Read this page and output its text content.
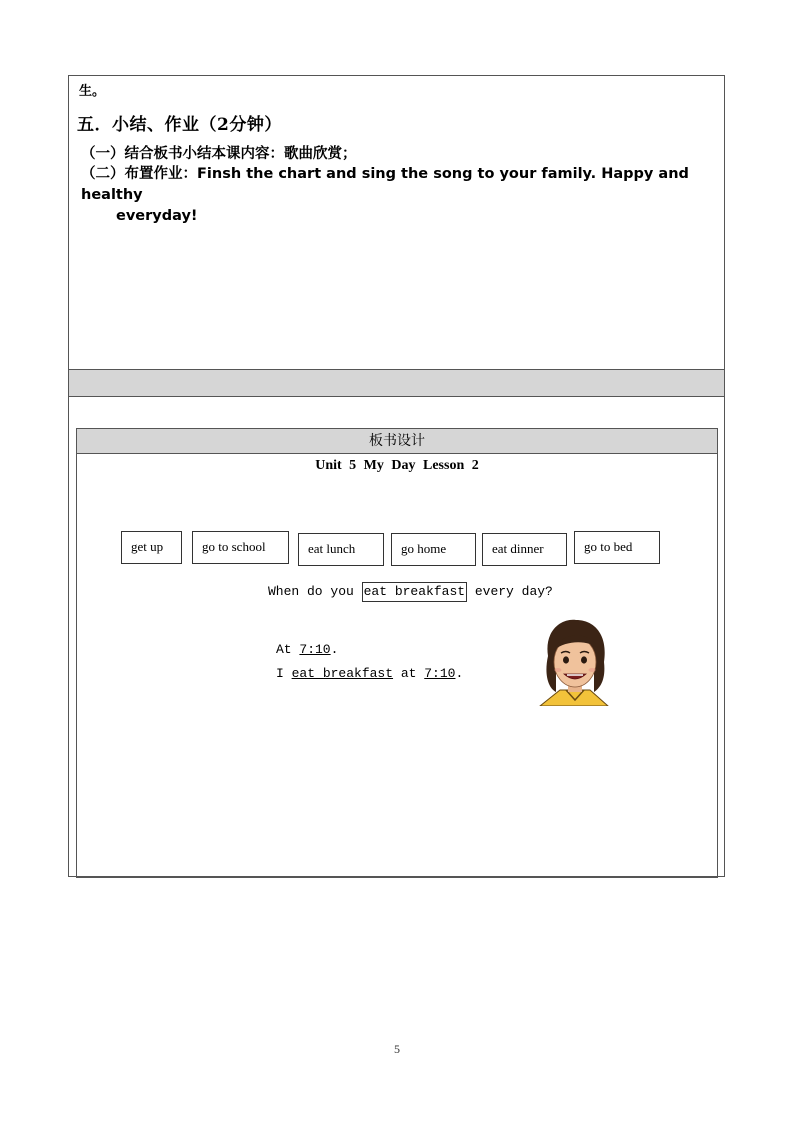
生。
五．小结、作业（2分钟）
（一）结合板书小结本课内容：歌曲欣赏；
（二）布置作业：Finsh the chart and sing the song to your family. Happy and healthy
everyday!
板书设计
Unit 5 My Day Lesson 2
get up	go to school	eat lunch	go home	eat dinner	go to bed
When do you eat breakfast every day?
At 7:10.
I eat breakfast at 7:10.
5
